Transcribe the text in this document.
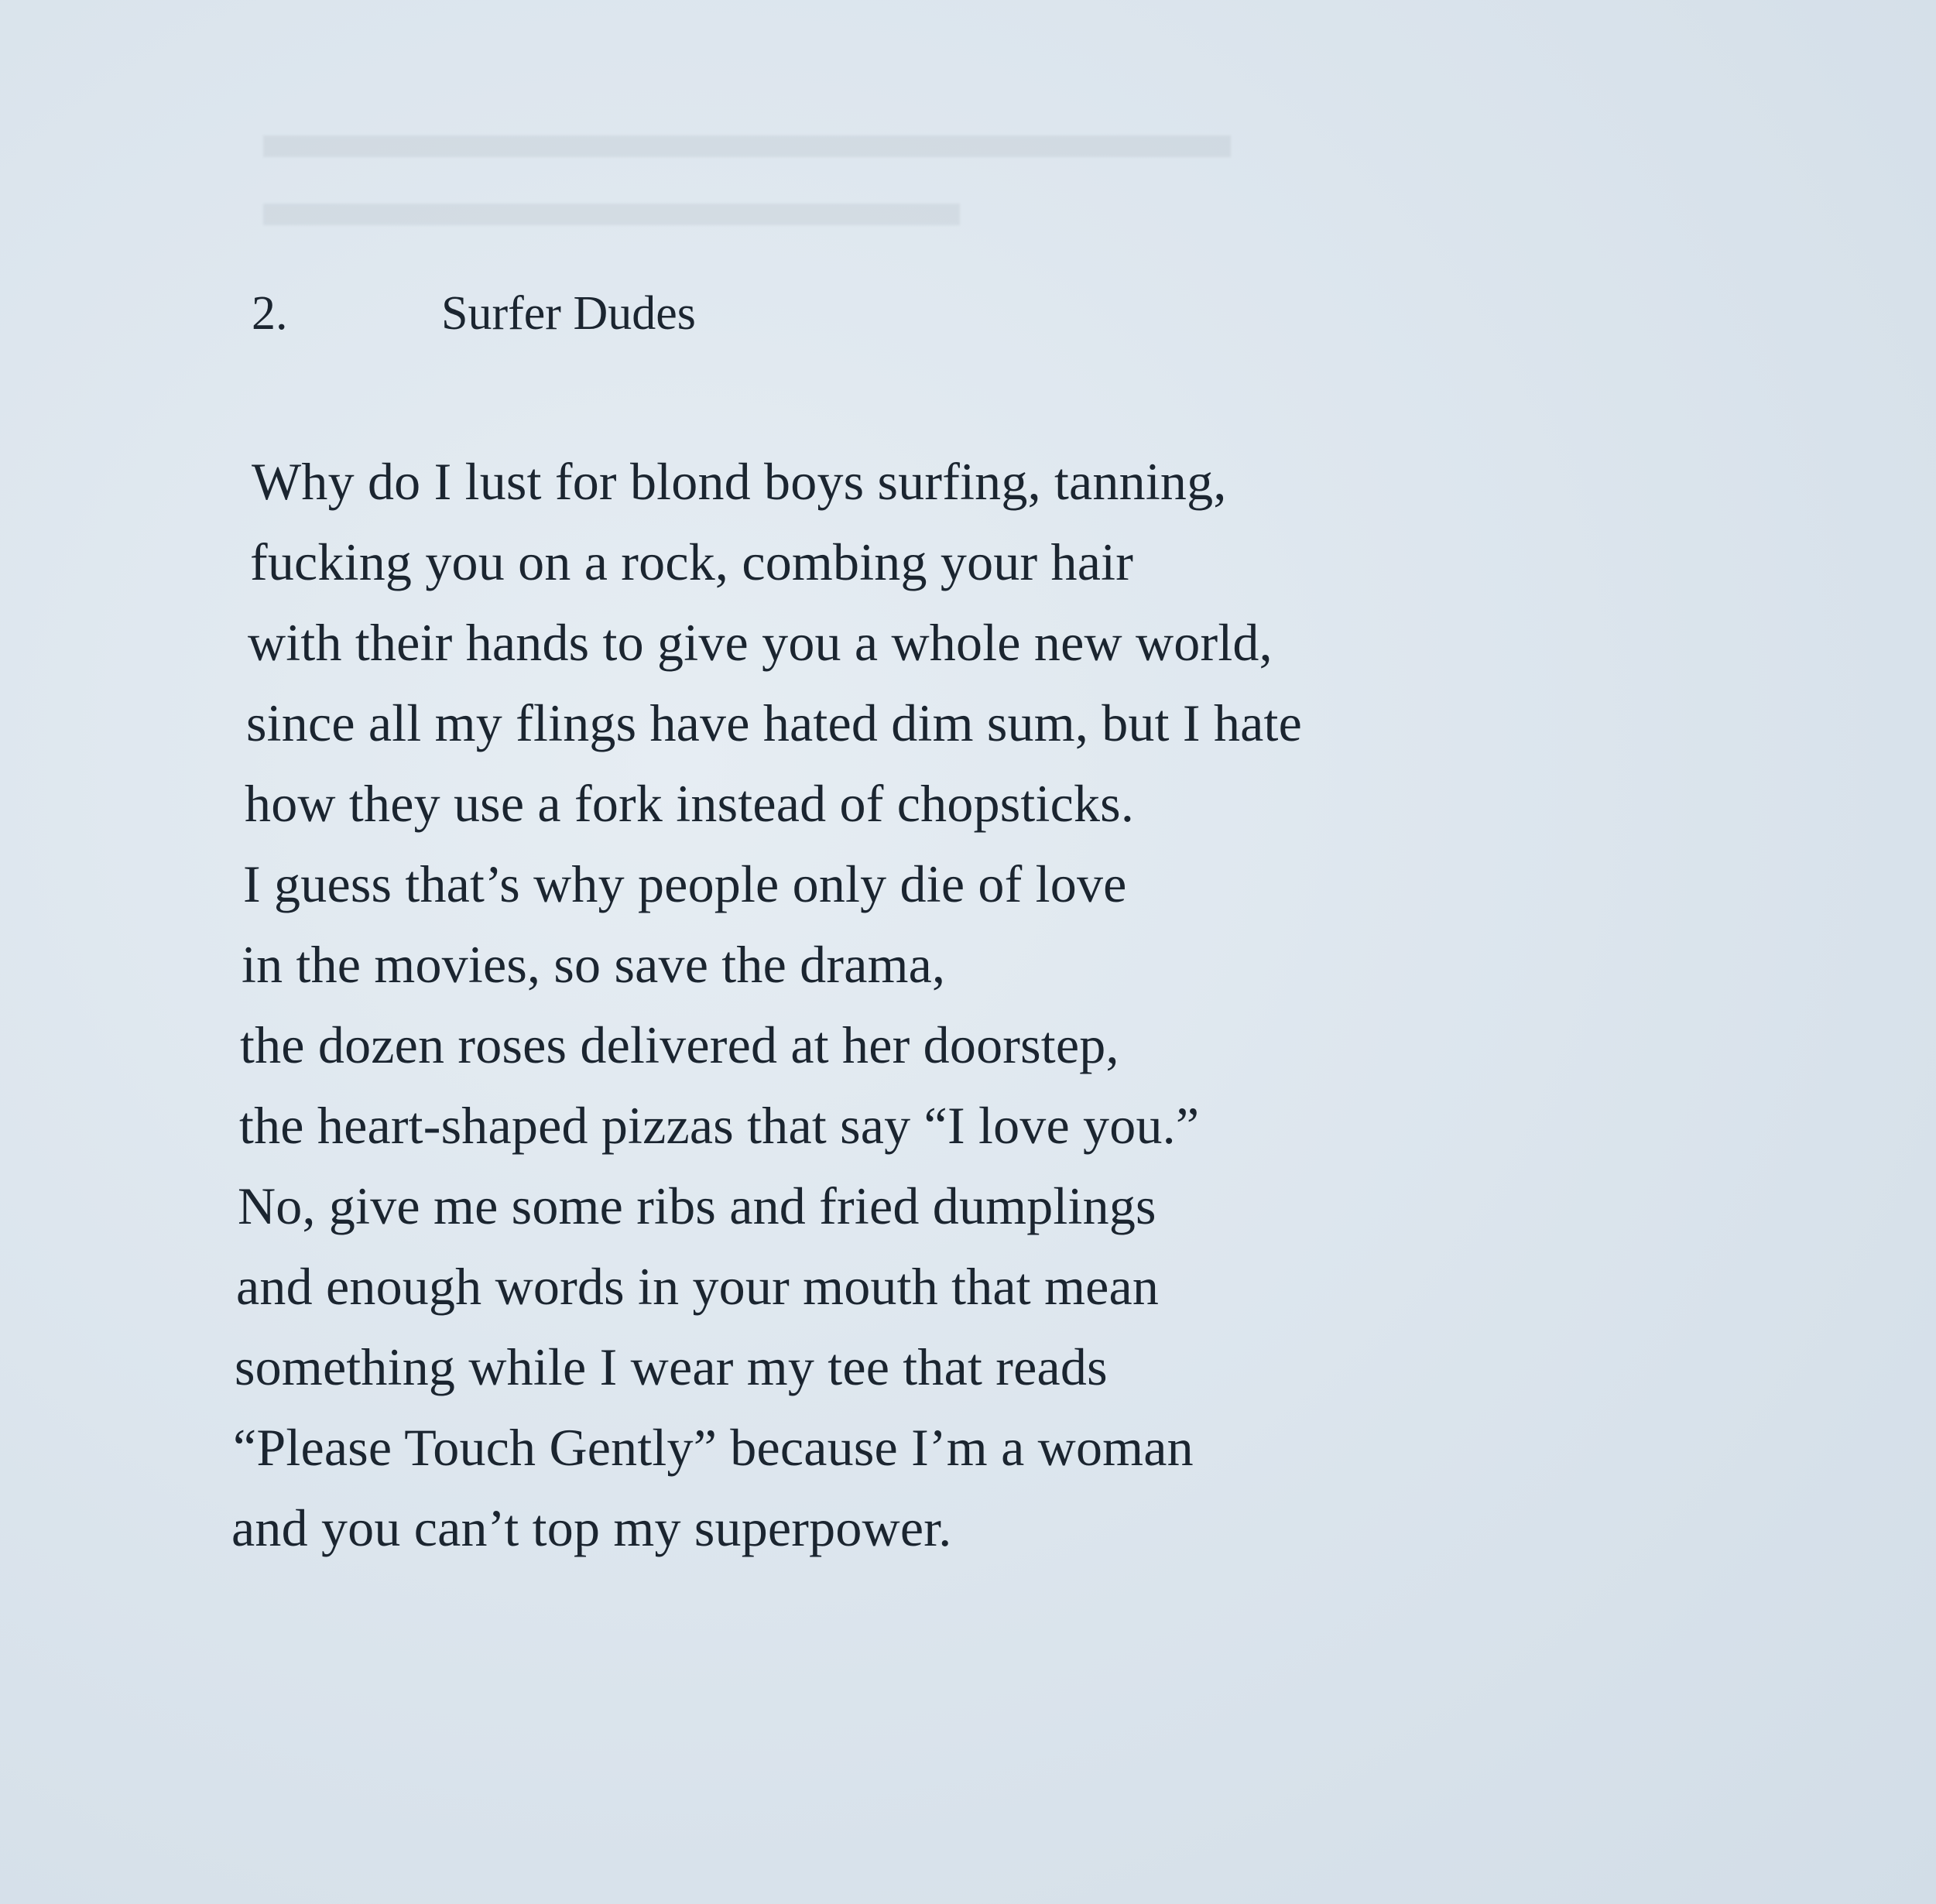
2.	Surfer Dudes
Why do I lust for blond boys surfing, tanning,
fucking you on a rock, combing your hair
with their hands to give you a whole new world,
since all my flings have hated dim sum, but I hate
how they use a fork instead of chopsticks.
I guess that’s why people only die of love
in the movies, so save the drama,
the dozen roses delivered at her doorstep,
the heart-shaped pizzas that say “I love you.”
No, give me some ribs and fried dumplings
and enough words in your mouth that mean
something while I wear my tee that reads
“Please Touch Gently” because I’m a woman
and you can’t top my superpower.
